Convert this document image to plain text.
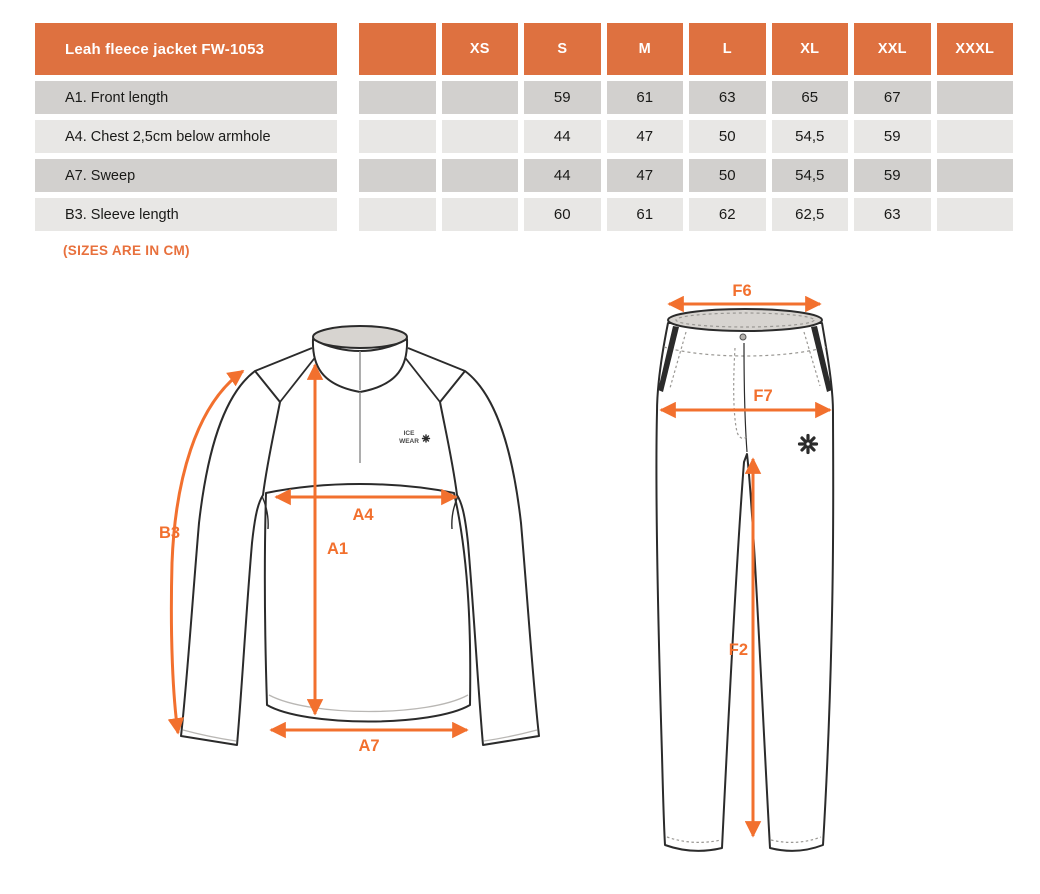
Leah fleece jacket FW-1053		XS	S	M	L	XL	XXL	XXXL
A1. Front length			59	61	63	65	67	
A4. Chest 2,5cm below armhole			44	47	50	54,5	59	
A7. Sweep			44	47	50	54,5	59	
B3. Sleeve length			60	61	62	62,5	63	
(SIZES ARE IN CM)
ICE
WEAR
B3
A4
A1
A7
F6
F7
F2
